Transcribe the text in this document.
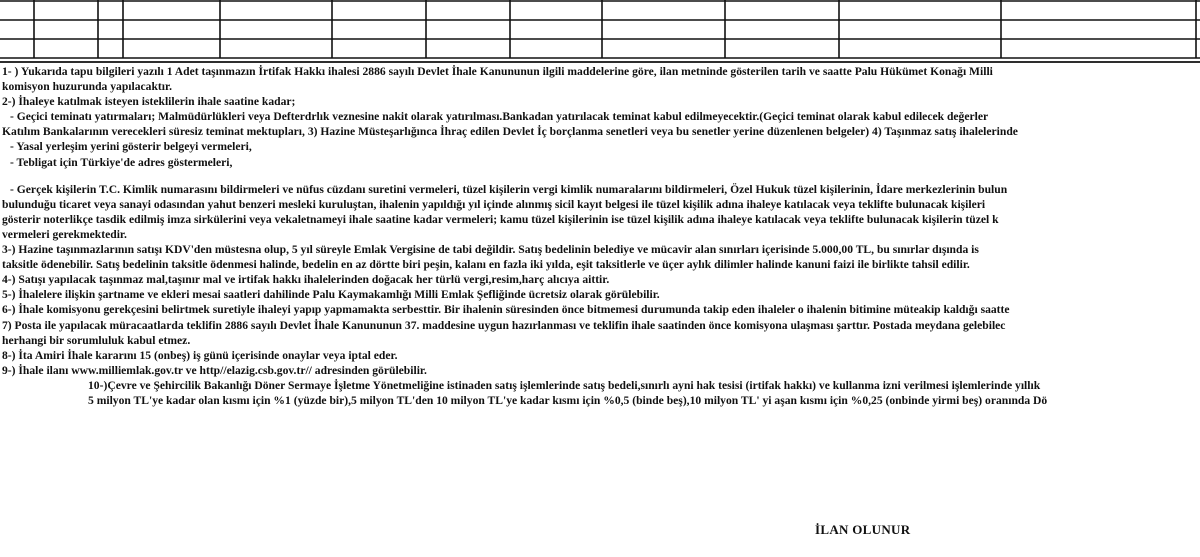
1- ) Yukarıda tapu bilgileri yazılı 1 Adet taşınmazın İrtifak Hakkı ihalesi 2886 sayılı Devlet İhale Kanununun ilgili maddelerine göre, ilan metninde gösterilen tarih ve saatte Palu Hükümet Konağı Milli
komisyon huzurunda yapılacaktır.
2-) İhaleye katılmak isteyen isteklilerin ihale saatine kadar;
- Geçici teminatı yatırmaları; Malmüdürlükleri veya Defterdrlık veznesine nakit olarak yatırılması.Bankadan yatırılacak teminat kabul edilmeyecektir.(Geçici teminat olarak kabul edilecek değerler
Katılım Bankalarının verecekleri süresiz teminat mektupları, 3) Hazine Müsteşarlığınca İhraç edilen Devlet İç borçlanma senetleri veya bu senetler yerine düzenlenen belgeler) 4) Taşınmaz satış ihalelerinde
- Yasal yerleşim yerini gösterir belgeyi vermeleri,
- Tebligat için Türkiye'de adres göstermeleri,
- Gerçek kişilerin T.C. Kimlik numarasını bildirmeleri ve nüfus cüzdanı suretini vermeleri, tüzel kişilerin vergi kimlik numaralarını bildirmeleri, Özel Hukuk tüzel kişilerinin, İdare merkezlerinin bulun
bulunduğu ticaret veya sanayi odasından yahut benzeri mesleki kuruluştan, ihalenin yapıldığı yıl içinde alınmış sicil kayıt belgesi ile tüzel kişilik adına ihaleye katılacak veya teklifte bulunacak kişileri
gösterir noterlikçe tasdik edilmiş imza sirkülerini veya vekaletnameyi ihale saatine kadar vermeleri; kamu tüzel kişilerinin ise tüzel kişilik adına ihaleye katılacak veya teklifte bulunacak kişilerin tüzel k
vermeleri gerekmektedir.
3-) Hazine taşınmazlarının satışı KDV'den müstesna olup, 5 yıl süreyle Emlak Vergisine de tabi değildir. Satış bedelinin belediye ve mücavir alan sınırları içerisinde 5.000,00 TL, bu sınırlar dışında is
taksitle ödenebilir. Satış bedelinin taksitle ödenmesi halinde, bedelin en az dörtte biri peşin, kalanı en fazla iki yılda, eşit taksitlerle ve üçer aylık dilimler halinde kanuni faizi ile birlikte tahsil edilir.
4-) Satışı yapılacak taşınmaz mal,taşınır mal ve irtifak hakkı ihalelerinden doğacak her türlü vergi,resim,harç alıcıya aittir.
5-) İhalelere ilişkin şartname ve ekleri mesai saatleri dahilinde Palu Kaymakamlığı Milli Emlak Şefliğinde ücretsiz olarak görülebilir.
6-) İhale komisyonu gerekçesini belirtmek suretiyle ihaleyi yapıp yapmamakta serbesttir. Bir ihalenin süresinden önce bitmemesi durumunda takip eden ihaleler o ihalenin bitimine müteakip kaldığı saatte
7) Posta ile yapılacak müracaatlarda teklifin 2886 sayılı Devlet İhale Kanununun 37. maddesine uygun hazırlanması ve teklifin ihale saatinden önce komisyona ulaşması şarttır. Postada meydana gelebilec
herhangi bir sorumluluk kabul etmez.
8-) İta Amiri İhale kararını 15 (onbeş) iş günü içerisinde onaylar veya iptal eder.
9-) İhale ilanı www.milliemlak.gov.tr ve http//elazig.csb.gov.tr// adresinden görülebilir.
10-)Çevre ve Şehircilik Bakanlığı Döner Sermaye İşletme Yönetmeliğine istinaden satış işlemlerinde satış bedeli,sınırlı ayni hak tesisi (irtifak hakkı) ve kullanma izni verilmesi işlemlerinde yıllık
5 milyon TL'ye kadar olan kısmı için %1 (yüzde bir),5 milyon TL'den 10 milyon TL'ye kadar kısmı için %0,5 (binde beş),10 milyon TL' yi aşan kısmı için %0,25 (onbinde yirmi beş) oranında Dö
İLAN OLUNUR
